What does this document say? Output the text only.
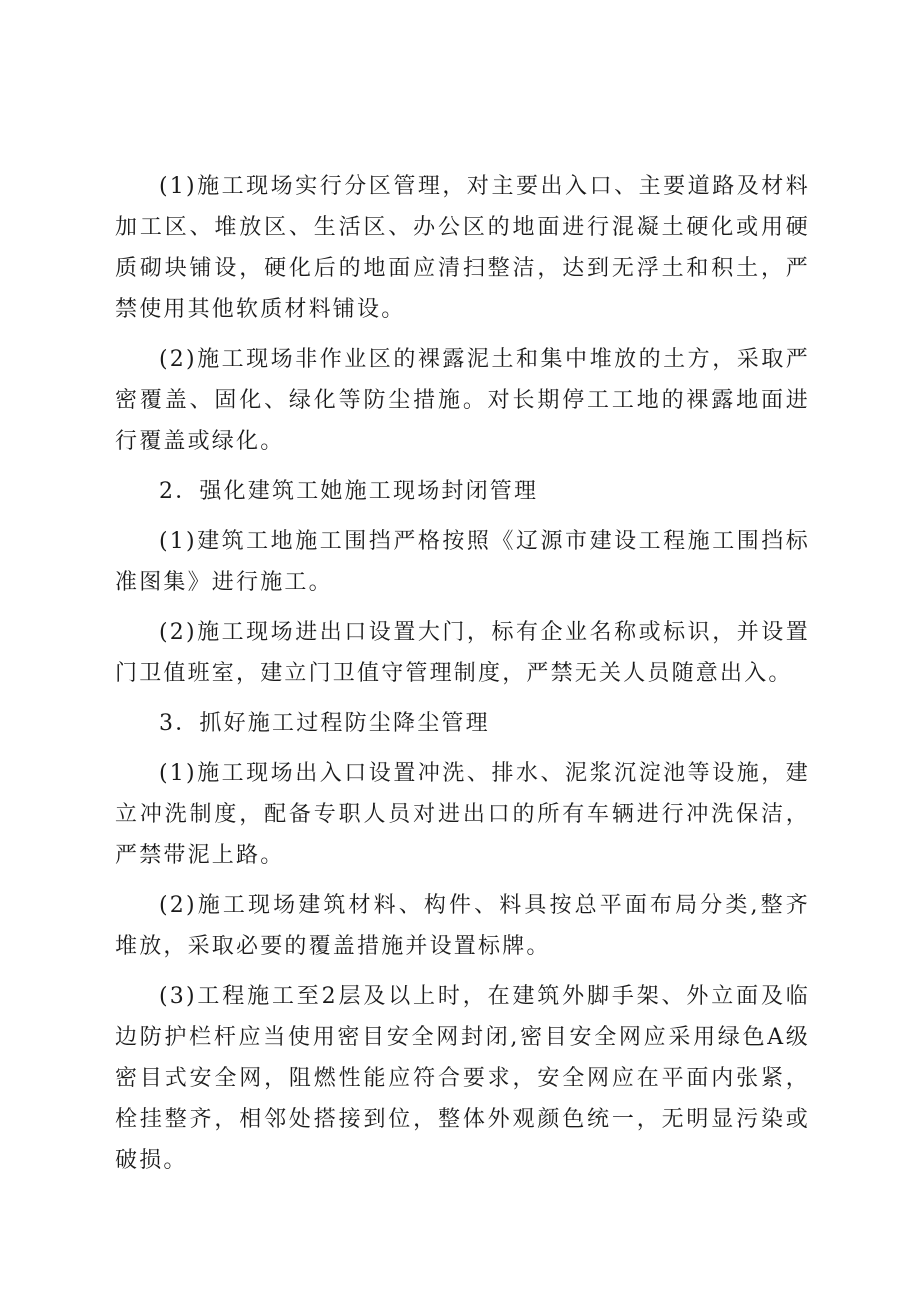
(1)施工现场实行分区管理，对主要出入口、主要道路及材料加工区、堆放区、生活区、办公区的地面进行混凝土硬化或用硬质砌块铺设，硬化后的地面应清扫整洁，达到无浮土和积土，严禁使用其他软质材料铺设。

(2)施工现场非作业区的裸露泥土和集中堆放的土方，采取严密覆盖、固化、绿化等防尘措施。对长期停工工地的裸露地面进行覆盖或绿化。

2．强化建筑工她施工现场封闭管理

(1)建筑工地施工围挡严格按照《辽源市建设工程施工围挡标准图集》进行施工。

(2)施工现场进出口设置大门，标有企业名称或标识，并设置门卫值班室，建立门卫值守管理制度，严禁无关人员随意出入。

3．抓好施工过程防尘降尘管理

(1)施工现场出入口设置冲洗、排水、泥浆沉淀池等设施，建立冲洗制度，配备专职人员对进出口的所有车辆进行冲洗保洁，严禁带泥上路。

(2)施工现场建筑材料、构件、料具按总平面布局分类,整齐堆放，采取必要的覆盖措施并设置标牌。

(3)工程施工至2层及以上时，在建筑外脚手架、外立面及临边防护栏杆应当使用密目安全网封闭,密目安全网应采用绿色A级密目式安全网，阻燃性能应符合要求，安全网应在平面内张紧，栓挂整齐，相邻处搭接到位，整体外观颜色统一，无明显污染或破损。
